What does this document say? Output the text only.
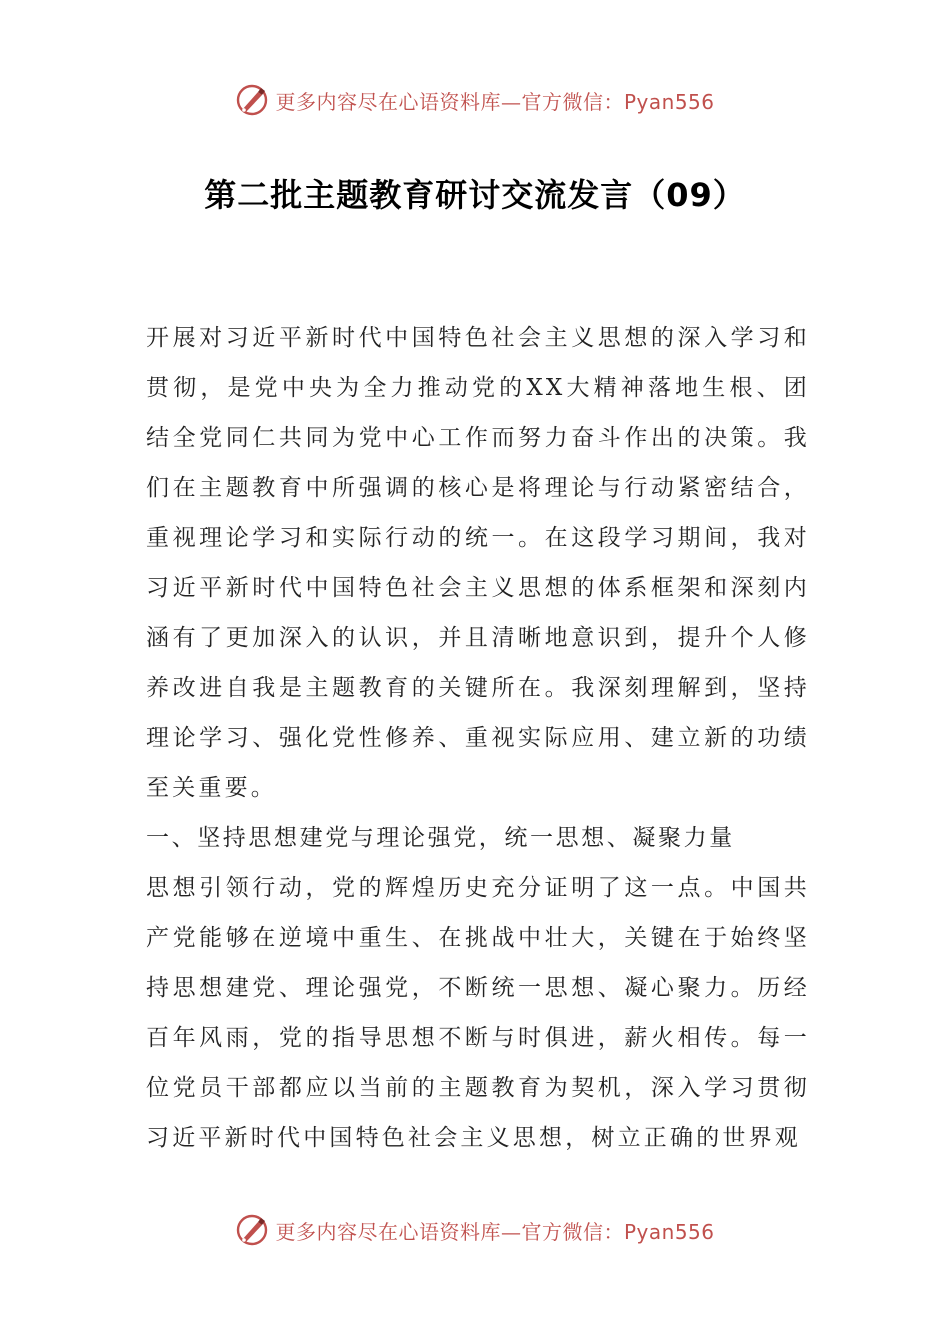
更多内容尽在心语资料库—官方微信：Pyan556
第二批主题教育研讨交流发言（09）

开展对习近平新时代中国特色社会主义思想的深入学习和贯彻，是党中央为全力推动党的XX大精神落地生根、团结全党同仁共同为党中心工作而努力奋斗作出的决策。我们在主题教育中所强调的核心是将理论与行动紧密结合，重视理论学习和实际行动的统一。在这段学习期间，我对习近平新时代中国特色社会主义思想的体系框架和深刻内涵有了更加深入的认识，并且清晰地意识到，提升个人修养改进自我是主题教育的关键所在。我深刻理解到，坚持理论学习、强化党性修养、重视实际应用、建立新的功绩至关重要。

一、坚持思想建党与理论强党，统一思想、凝聚力量

思想引领行动，党的辉煌历史充分证明了这一点。中国共产党能够在逆境中重生、在挑战中壮大，关键在于始终坚持思想建党、理论强党，不断统一思想、凝心聚力。历经百年风雨，党的指导思想不断与时俱进，薪火相传。每一位党员干部都应以当前的主题教育为契机，深入学习贯彻习近平新时代中国特色社会主义思想，树立正确的世界观

更多内容尽在心语资料库—官方微信：Pyan556
